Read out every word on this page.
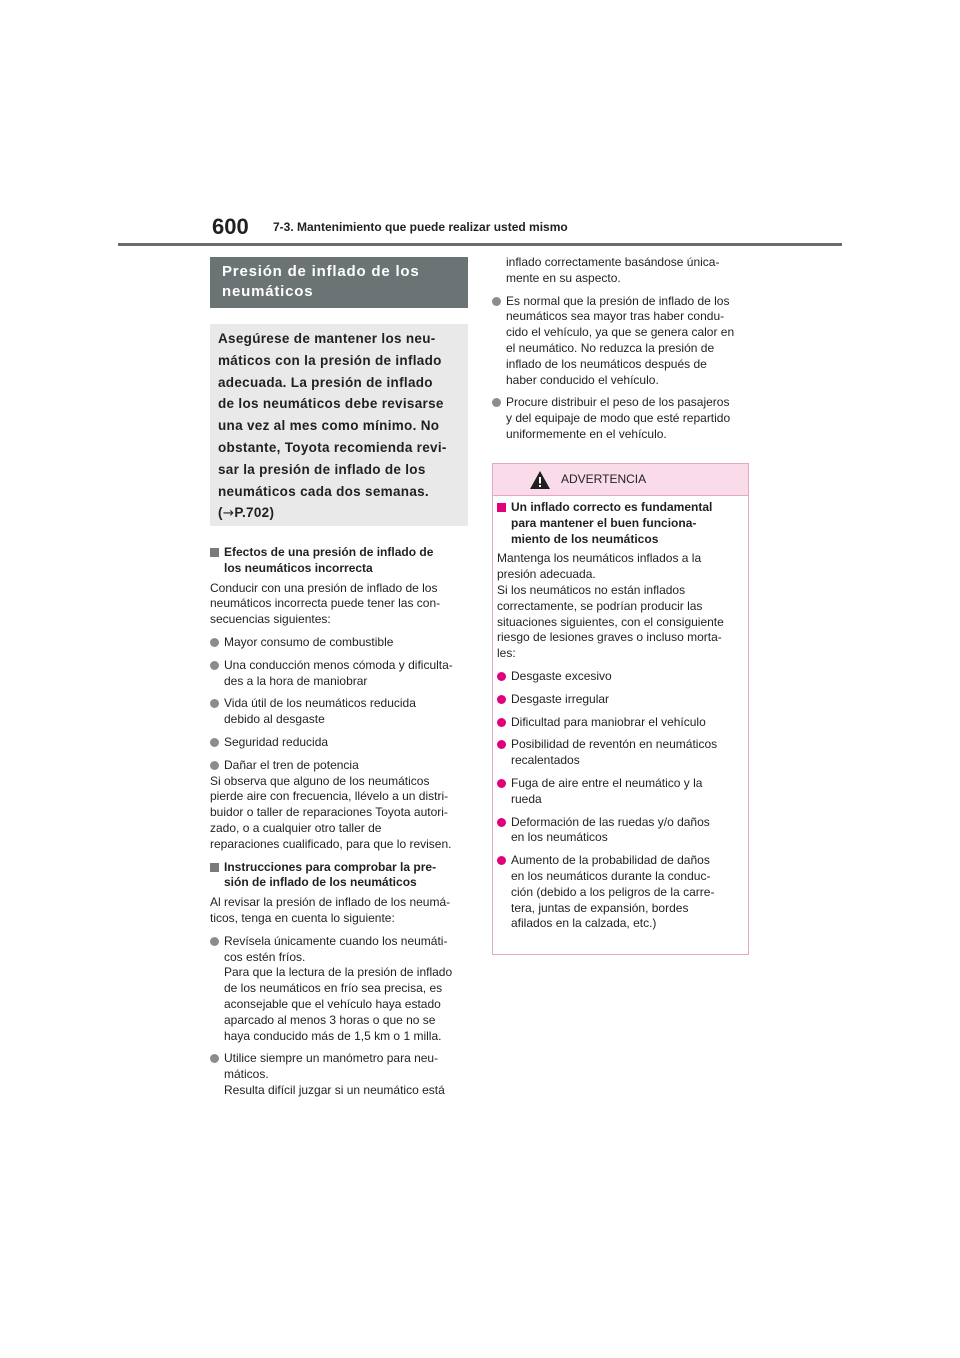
600 7-3. Mantenimiento que puede realizar usted mismo
Presión de inflado de los neumáticos
Asegúrese de mantener los neu-
máticos con la presión de inflado
adecuada. La presión de inflado
de los neumáticos debe revisarse
una vez al mes como mínimo. No
obstante, Toyota recomienda revi-
sar la presión de inflado de los
neumáticos cada dos semanas.
(→P.702)
Efectos de una presión de inflado de
los neumáticos incorrecta
Conducir con una presión de inflado de los
neumáticos incorrecta puede tener las con-
secuencias siguientes:
Mayor consumo de combustible
Una conducción menos cómoda y dificulta-
des a la hora de maniobrar
Vida útil de los neumáticos reducida
debido al desgaste
Seguridad reducida
Dañar el tren de potencia
Si observa que alguno de los neumáticos
pierde aire con frecuencia, llévelo a un distri-
buidor o taller de reparaciones Toyota autori-
zado, o a cualquier otro taller de
reparaciones cualificado, para que lo revisen.
Instrucciones para comprobar la pre-
sión de inflado de los neumáticos
Al revisar la presión de inflado de los neumá-
ticos, tenga en cuenta lo siguiente:
Revísela únicamente cuando los neumáti-
cos estén fríos.
Para que la lectura de la presión de inflado
de los neumáticos en frío sea precisa, es
aconsejable que el vehículo haya estado
aparcado al menos 3 horas o que no se
haya conducido más de 1,5 km o 1 milla.
Utilice siempre un manómetro para neu-
máticos.
Resulta difícil juzgar si un neumático está
inflado correctamente basándose única-
mente en su aspecto.
Es normal que la presión de inflado de los
neumáticos sea mayor tras haber condu-
cido el vehículo, ya que se genera calor en
el neumático. No reduzca la presión de
inflado de los neumáticos después de
haber conducido el vehículo.
Procure distribuir el peso de los pasajeros
y del equipaje de modo que esté repartido
uniformemente en el vehículo.
ADVERTENCIA
Un inflado correcto es fundamental
para mantener el buen funciona-
miento de los neumáticos
Mantenga los neumáticos inflados a la
presión adecuada.
Si los neumáticos no están inflados
correctamente, se podrían producir las
situaciones siguientes, con el consiguiente
riesgo de lesiones graves o incluso morta-
les:
Desgaste excesivo
Desgaste irregular
Dificultad para maniobrar el vehículo
Posibilidad de reventón en neumáticos
recalentados
Fuga de aire entre el neumático y la
rueda
Deformación de las ruedas y/o daños
en los neumáticos
Aumento de la probabilidad de daños
en los neumáticos durante la conduc-
ción (debido a los peligros de la carre-
tera, juntas de expansión, bordes
afilados en la calzada, etc.)
